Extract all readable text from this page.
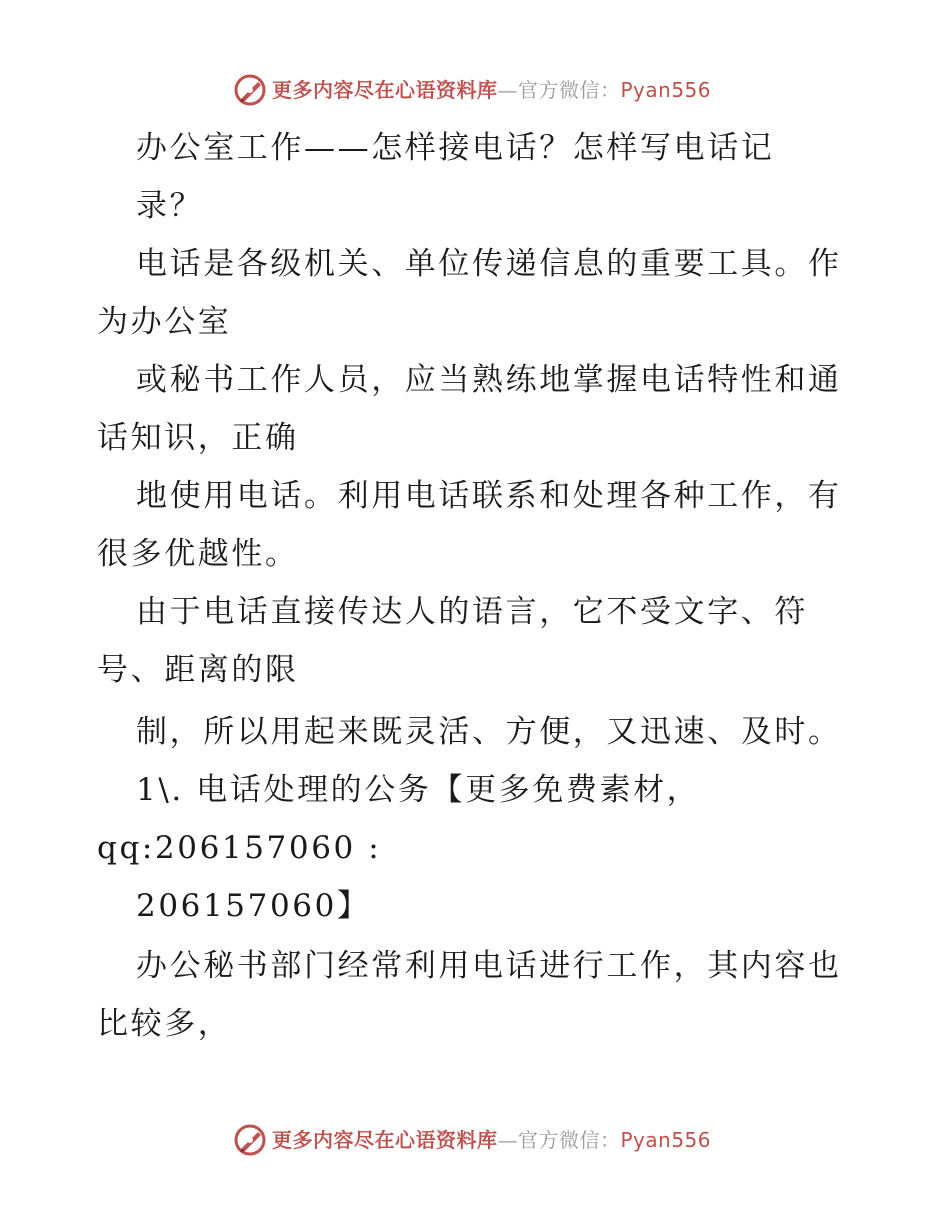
更多内容尽在心语资料库—官方微信：Pyan556
办公室工作——怎样接电话？怎样写电话记
录？
电话是各级机关、单位传递信息的重要工具。作
为办公室
或秘书工作人员，应当熟练地掌握电话特性和通
话知识，正确
地使用电话。利用电话联系和处理各种工作，有
很多优越性。
由于电话直接传达人的语言，它不受文字、符
号、距离的限
制，所以用起来既灵活、方便，又迅速、及时。
1\. 电话处理的公务【更多免费素材，
qq:206157060 :
206157060】
办公秘书部门经常利用电话进行工作，其内容也
比较多，
更多内容尽在心语资料库—官方微信：Pyan556
